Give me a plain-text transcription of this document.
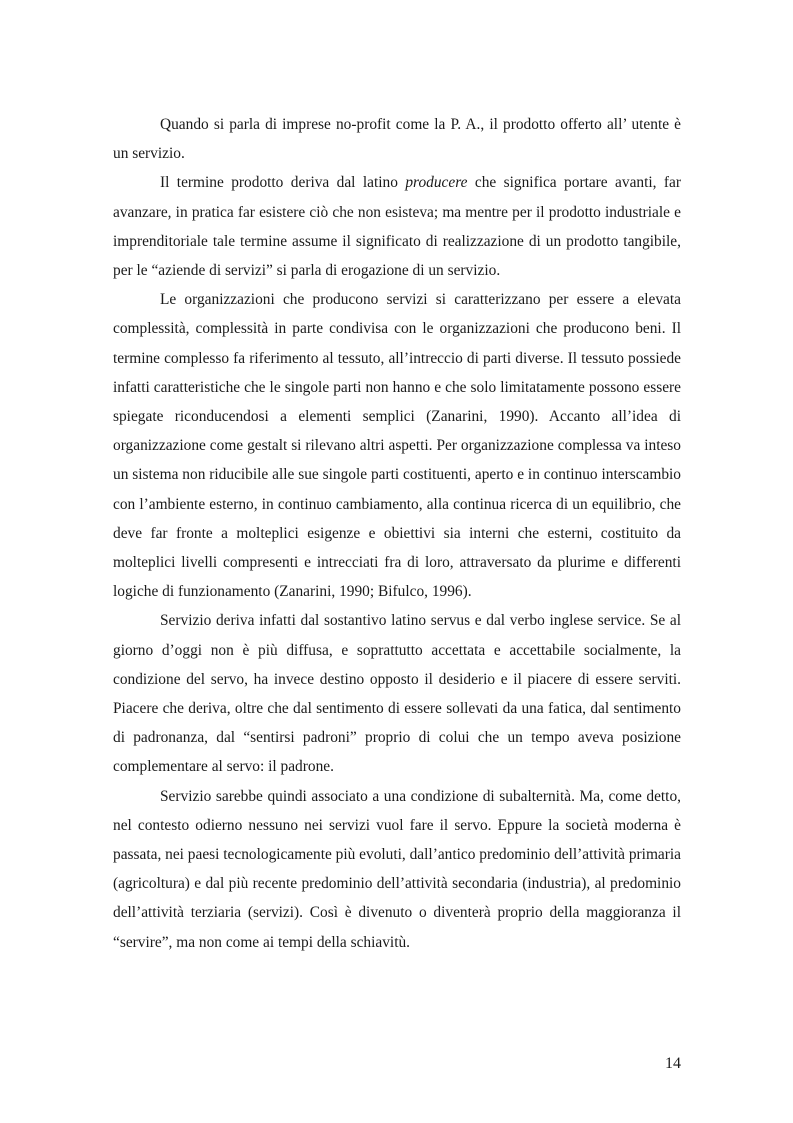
Quando si parla di imprese no-profit come la P. A., il prodotto offerto all’ utente è un servizio.

Il termine prodotto deriva dal latino producere che significa portare avanti, far avanzare, in pratica far esistere ciò che non esisteva; ma mentre per il prodotto industriale e imprenditoriale tale termine assume il significato di realizzazione di un prodotto tangibile, per le “aziende di servizi” si parla di erogazione di un servizio.

Le organizzazioni che producono servizi si caratterizzano per essere a elevata complessità, complessità in parte condivisa con le organizzazioni che producono beni. Il termine complesso fa riferimento al tessuto, all’intreccio di parti diverse. Il tessuto possiede infatti caratteristiche che le singole parti non hanno e che solo limitatamente possono essere spiegate riconducendosi a elementi semplici (Zanarini, 1990). Accanto all’idea di organizzazione come gestalt si rilevano altri aspetti. Per organizzazione complessa va inteso un sistema non riducibile alle sue singole parti costituenti, aperto e in continuo interscambio con l’ambiente esterno, in continuo cambiamento, alla continua ricerca di un equilibrio, che deve far fronte a molteplici esigenze e obiettivi sia interni che esterni, costituito da molteplici livelli compresenti e intrecciati fra di loro, attraversato da plurime e differenti logiche di funzionamento (Zanarini, 1990; Bifulco, 1996).

Servizio deriva infatti dal sostantivo latino servus e dal verbo inglese service. Se al giorno d’oggi non è più diffusa, e soprattutto accettata e accettabile socialmente, la condizione del servo, ha invece destino opposto il desiderio e il piacere di essere serviti. Piacere che deriva, oltre che dal sentimento di essere sollevati da una fatica, dal sentimento di padronanza, dal “sentirsi padroni” proprio di colui che un tempo aveva posizione complementare al servo: il padrone.

Servizio sarebbe quindi associato a una condizione di subalternità. Ma, come detto, nel contesto odierno nessuno nei servizi vuol fare il servo. Eppure la società moderna è passata, nei paesi tecnologicamente più evoluti, dall’antico predominio dell’attività primaria (agricoltura) e dal più recente predominio dell’attività secondaria (industria), al predominio dell’attività terziaria (servizi). Così è divenuto o diventerà proprio della maggioranza il “servire”, ma non come ai tempi della schiavitù.

14
